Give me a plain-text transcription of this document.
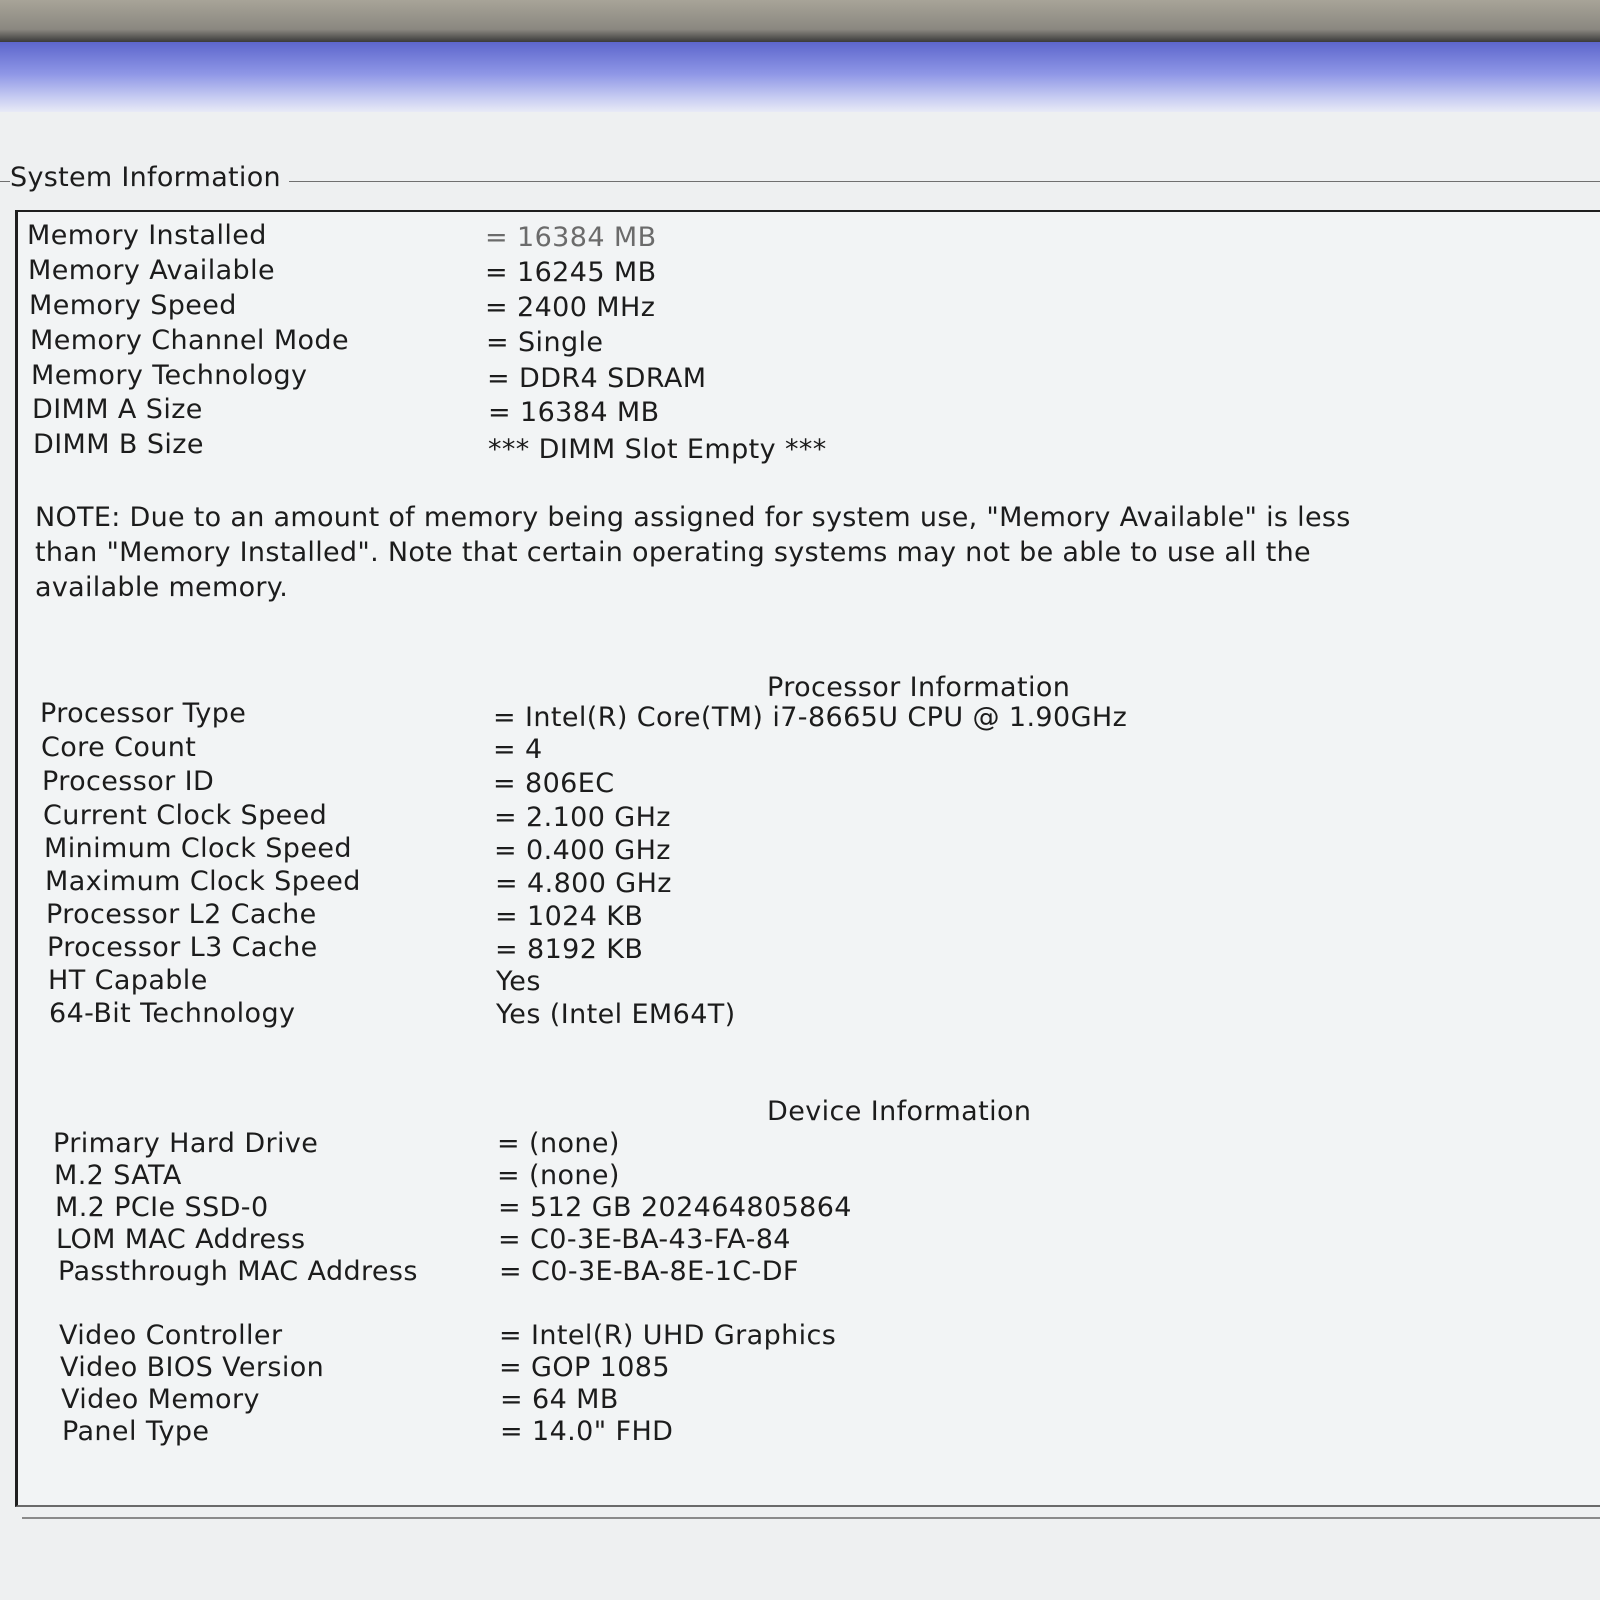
System Information
Memory Installed	= 16384 MB
Memory Available	= 16245 MB
Memory Speed	= 2400 MHz
Memory Channel Mode	= Single
Memory Technology	= DDR4 SDRAM
DIMM A Size	= 16384 MB
DIMM B Size	*** DIMM Slot Empty ***
NOTE: Due to an amount of memory being assigned for system use, "Memory Available" is less
than "Memory Installed". Note that certain operating systems may not be able to use all the
available memory.
Processor Information
Processor Type	= Intel(R) Core(TM) i7-8665U CPU @ 1.90GHz
Core Count	= 4
Processor ID	= 806EC
Current Clock Speed	= 2.100 GHz
Minimum Clock Speed	= 0.400 GHz
Maximum Clock Speed	= 4.800 GHz
Processor L2 Cache	= 1024 KB
Processor L3 Cache	= 8192 KB
HT Capable	Yes
64-Bit Technology	Yes (Intel EM64T)
Device Information
Primary Hard Drive	= (none)
M.2 SATA	= (none)
M.2 PCIe SSD-0	= 512 GB 202464805864
LOM MAC Address	= C0-3E-BA-43-FA-84
Passthrough MAC Address	= C0-3E-BA-8E-1C-DF
Video Controller	= Intel(R) UHD Graphics
Video BIOS Version	= GOP 1085
Video Memory	= 64 MB
Panel Type	= 14.0" FHD
